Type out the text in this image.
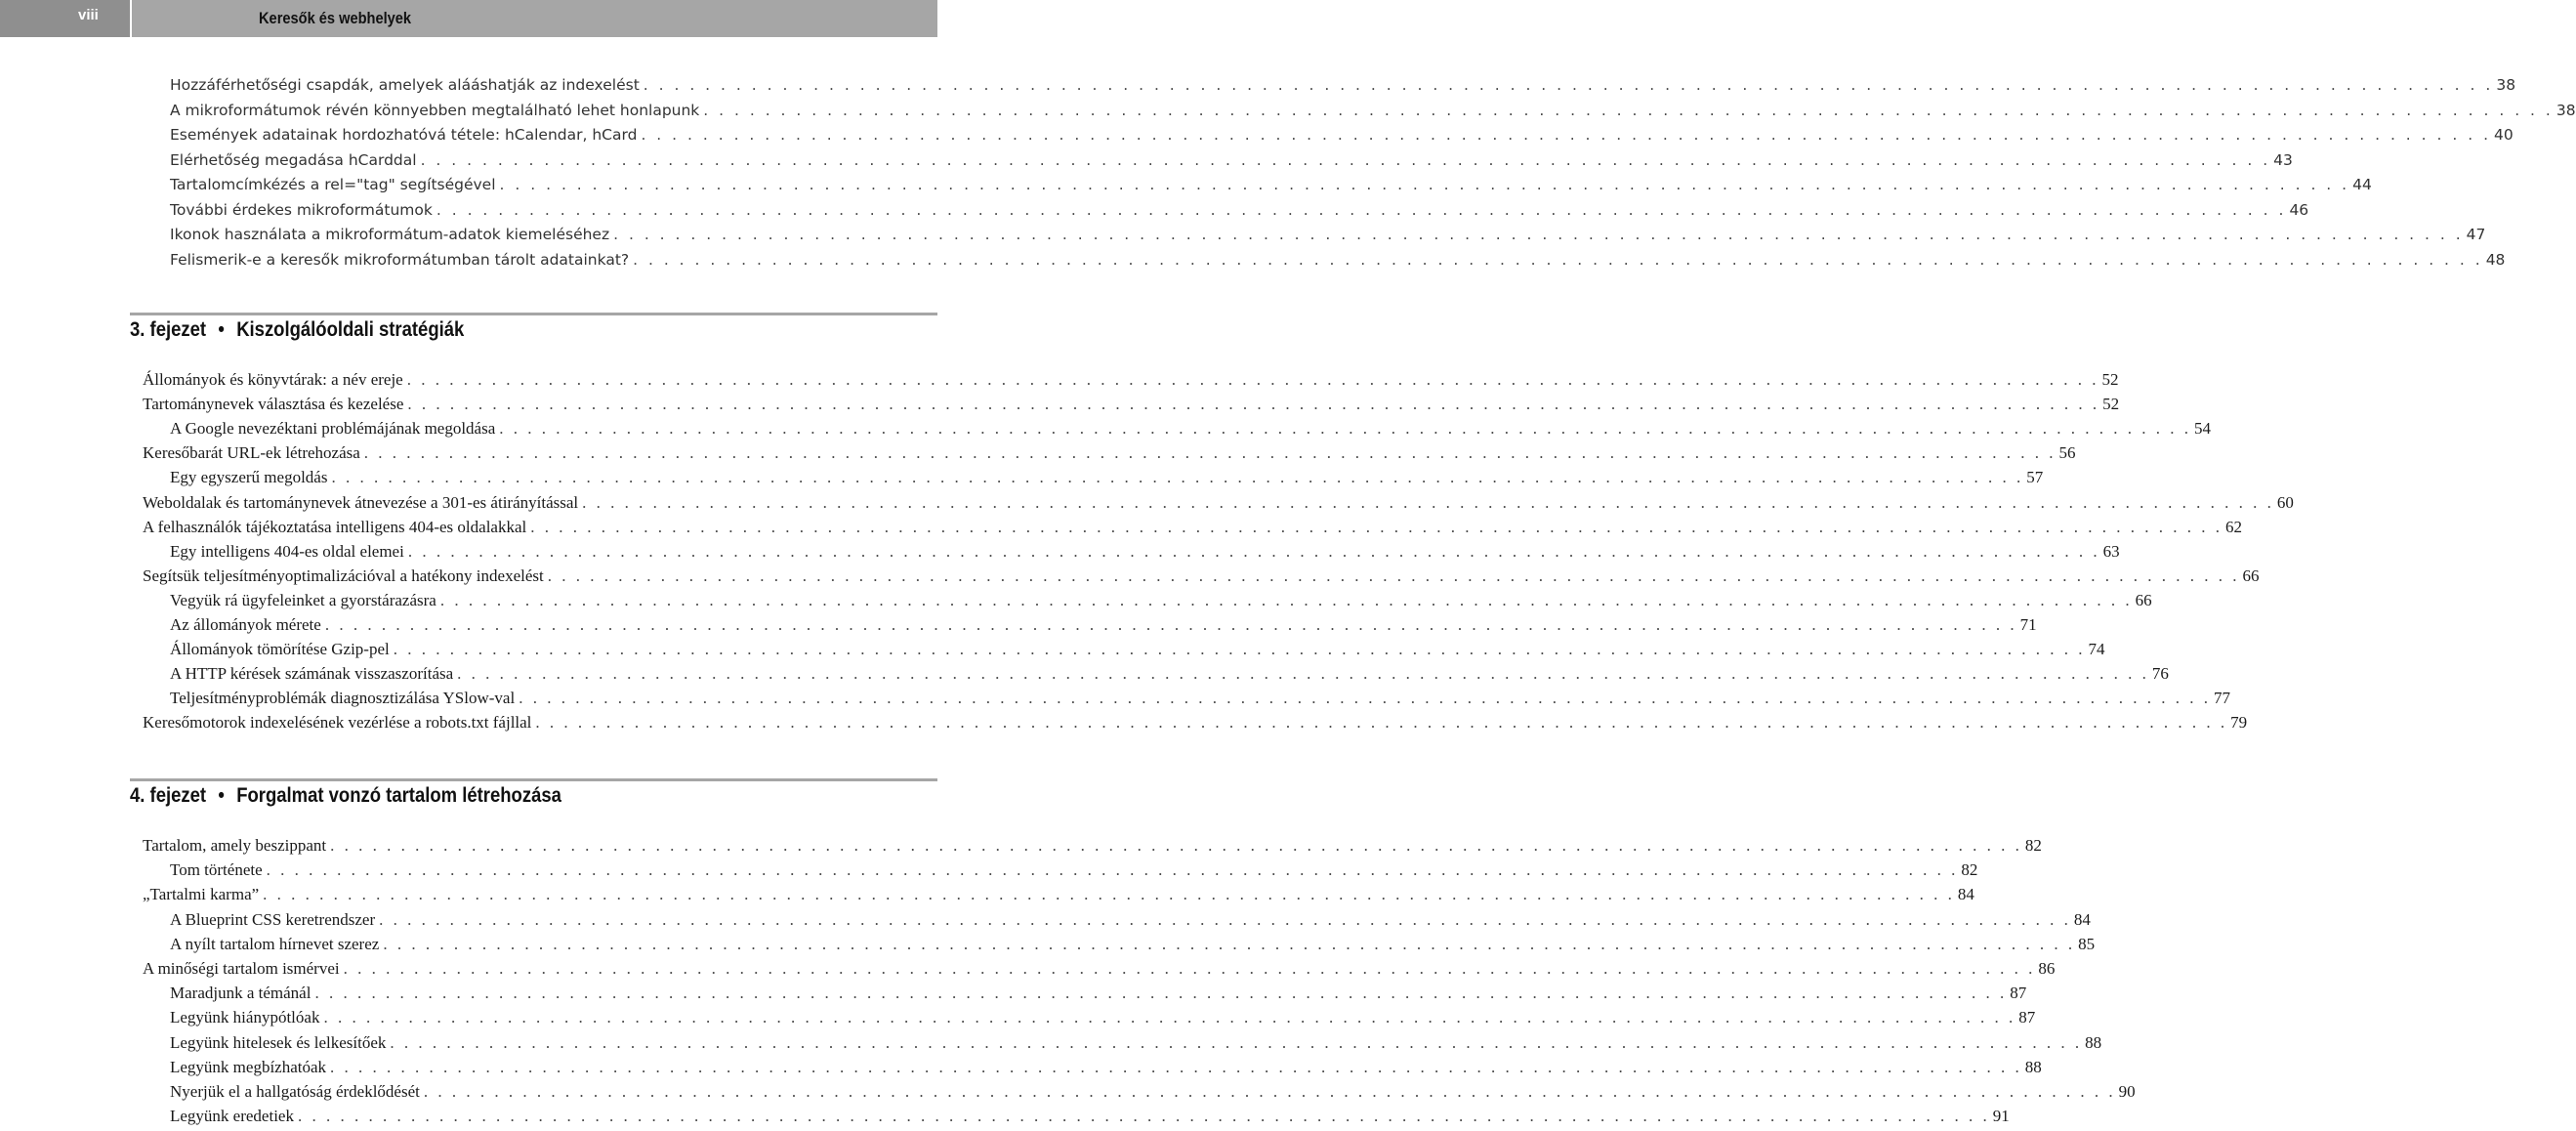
viii	Keresők és webhelyek
Hozzáférhetőségi csapdák, amelyek alááshatják az indexelést . . . . . . . . . . . . . . . . . . . . . . . . . . . . . . . . . . . . . . . . . . . . . . . . . . . . . . . . . . . . . . . . . . . . . . . . . . . . . . . . . . . . . . . . . . . . . . . . . . . . . . . . . . . . . . . . . . . . . . . . 38
A mikroformátumok révén könnyebben megtalálható lehet honlapunk . . . . . . . . . . . . . . . . . . . . . . . . . . . . . . . . . . . . . . . . . . . . . . . . . . . . . . . . . . . . . . . . . . . . . . . . . . . . . . . . . . . . . . . . . . . . . . . . . . . . . . . . . . . . . . . . . . . . . . . . 38
Események adatainak hordozhatóvá tétele: hCalendar, hCard . . . . . . . . . . . . . . . . . . . . . . . . . . . . . . . . . . . . . . . . . . . . . . . . . . . . . . . . . . . . . . . . . . . . . . . . . . . . . . . . . . . . . . . . . . . . . . . . . . . . . . . . . . . . . . . . . . . . . . . . 40
Elérhetőség megadása hCarddal . . . . . . . . . . . . . . . . . . . . . . . . . . . . . . . . . . . . . . . . . . . . . . . . . . . . . . . . . . . . . . . . . . . . . . . . . . . . . . . . . . . . . . . . . . . . . . . . . . . . . . . . . . . . . . . . . . . . . . . . 43
Tartalomcímkézés a rel="tag" segítségével . . . . . . . . . . . . . . . . . . . . . . . . . . . . . . . . . . . . . . . . . . . . . . . . . . . . . . . . . . . . . . . . . . . . . . . . . . . . . . . . . . . . . . . . . . . . . . . . . . . . . . . . . . . . . . . . . . . . . . . . 44
További érdekes mikroformátumok . . . . . . . . . . . . . . . . . . . . . . . . . . . . . . . . . . . . . . . . . . . . . . . . . . . . . . . . . . . . . . . . . . . . . . . . . . . . . . . . . . . . . . . . . . . . . . . . . . . . . . . . . . . . . . . . . . . . . . . . 46
Ikonok használata a mikroformátum-adatok kiemeléséhez . . . . . . . . . . . . . . . . . . . . . . . . . . . . . . . . . . . . . . . . . . . . . . . . . . . . . . . . . . . . . . . . . . . . . . . . . . . . . . . . . . . . . . . . . . . . . . . . . . . . . . . . . . . . . . . . . . . . . . . . 47
Felismerik-e a keresők mikroformátumban tárolt adatainkat? . . . . . . . . . . . . . . . . . . . . . . . . . . . . . . . . . . . . . . . . . . . . . . . . . . . . . . . . . . . . . . . . . . . . . . . . . . . . . . . . . . . . . . . . . . . . . . . . . . . . . . . . . . . . . . . . . . . . . . . . 48
3. fejezet • Kiszolgálóoldali stratégiák
Állományok és könyvtárak: a név ereje . . . . . . . . . . . . . . . . . . . . . . . . . . . . . . . . . . . . . . . . . . . . . . . . . . . . . . . . . . . . . . . . . . . . . . . . . . . . . . . . . . . . . . . . . . . . . . . . . . . . . . . . . . . . . . . . . . . . . . . . 52
Tartománynevek választása és kezelése . . . . . . . . . . . . . . . . . . . . . . . . . . . . . . . . . . . . . . . . . . . . . . . . . . . . . . . . . . . . . . . . . . . . . . . . . . . . . . . . . . . . . . . . . . . . . . . . . . . . . . . . . . . . . . . . . . . . . . . . 52
A Google nevezéktani problémájának megoldása . . . . . . . . . . . . . . . . . . . . . . . . . . . . . . . . . . . . . . . . . . . . . . . . . . . . . . . . . . . . . . . . . . . . . . . . . . . . . . . . . . . . . . . . . . . . . . . . . . . . . . . . . . . . . . . . . . . . . . . . 54
Keresőbarát URL-ek létrehozása . . . . . . . . . . . . . . . . . . . . . . . . . . . . . . . . . . . . . . . . . . . . . . . . . . . . . . . . . . . . . . . . . . . . . . . . . . . . . . . . . . . . . . . . . . . . . . . . . . . . . . . . . . . . . . . . . . . . . . . . 56
Egy egyszerű megoldás . . . . . . . . . . . . . . . . . . . . . . . . . . . . . . . . . . . . . . . . . . . . . . . . . . . . . . . . . . . . . . . . . . . . . . . . . . . . . . . . . . . . . . . . . . . . . . . . . . . . . . . . . . . . . . . . . . . . . . . . 57
Weboldalak és tartománynevek átnevezése a 301-es átirányítással . . . . . . . . . . . . . . . . . . . . . . . . . . . . . . . . . . . . . . . . . . . . . . . . . . . . . . . . . . . . . . . . . . . . . . . . . . . . . . . . . . . . . . . . . . . . . . . . . . . . . . . . . . . . . . . . . . . . . . . . 60
A felhasználók tájékoztatása intelligens 404-es oldalakkal . . . . . . . . . . . . . . . . . . . . . . . . . . . . . . . . . . . . . . . . . . . . . . . . . . . . . . . . . . . . . . . . . . . . . . . . . . . . . . . . . . . . . . . . . . . . . . . . . . . . . . . . . . . . . . . . . . . . . . . . 62
Egy intelligens 404-es oldal elemei . . . . . . . . . . . . . . . . . . . . . . . . . . . . . . . . . . . . . . . . . . . . . . . . . . . . . . . . . . . . . . . . . . . . . . . . . . . . . . . . . . . . . . . . . . . . . . . . . . . . . . . . . . . . . . . . . . . . . . . . 63
Segítsük teljesítményoptimalizációval a hatékony indexelést . . . . . . . . . . . . . . . . . . . . . . . . . . . . . . . . . . . . . . . . . . . . . . . . . . . . . . . . . . . . . . . . . . . . . . . . . . . . . . . . . . . . . . . . . . . . . . . . . . . . . . . . . . . . . . . . . . . . . . . . 66
Vegyük rá ügyfeleinket a gyorstárazásra . . . . . . . . . . . . . . . . . . . . . . . . . . . . . . . . . . . . . . . . . . . . . . . . . . . . . . . . . . . . . . . . . . . . . . . . . . . . . . . . . . . . . . . . . . . . . . . . . . . . . . . . . . . . . . . . . . . . . . . . 66
Az állományok mérete . . . . . . . . . . . . . . . . . . . . . . . . . . . . . . . . . . . . . . . . . . . . . . . . . . . . . . . . . . . . . . . . . . . . . . . . . . . . . . . . . . . . . . . . . . . . . . . . . . . . . . . . . . . . . . . . . . . . . . . . 71
Állományok tömörítése Gzip-pel . . . . . . . . . . . . . . . . . . . . . . . . . . . . . . . . . . . . . . . . . . . . . . . . . . . . . . . . . . . . . . . . . . . . . . . . . . . . . . . . . . . . . . . . . . . . . . . . . . . . . . . . . . . . . . . . . . . . . . . . 74
A HTTP kérések számának visszaszorítása . . . . . . . . . . . . . . . . . . . . . . . . . . . . . . . . . . . . . . . . . . . . . . . . . . . . . . . . . . . . . . . . . . . . . . . . . . . . . . . . . . . . . . . . . . . . . . . . . . . . . . . . . . . . . . . . . . . . . . . . 76
Teljesítményproblémák diagnosztizálása YSlow-val . . . . . . . . . . . . . . . . . . . . . . . . . . . . . . . . . . . . . . . . . . . . . . . . . . . . . . . . . . . . . . . . . . . . . . . . . . . . . . . . . . . . . . . . . . . . . . . . . . . . . . . . . . . . . . . . . . . . . . . . 77
Keresőmotorok indexelésének vezérlése a robots.txt fájllal . . . . . . . . . . . . . . . . . . . . . . . . . . . . . . . . . . . . . . . . . . . . . . . . . . . . . . . . . . . . . . . . . . . . . . . . . . . . . . . . . . . . . . . . . . . . . . . . . . . . . . . . . . . . . . . . . . . . . . . . 79
4. fejezet • Forgalmat vonzó tartalom létrehozása
Tartalom, amely beszippant . . . . . . . . . . . . . . . . . . . . . . . . . . . . . . . . . . . . . . . . . . . . . . . . . . . . . . . . . . . . . . . . . . . . . . . . . . . . . . . . . . . . . . . . . . . . . . . . . . . . . . . . . . . . . . . . . . . . . . . . 82
Tom története . . . . . . . . . . . . . . . . . . . . . . . . . . . . . . . . . . . . . . . . . . . . . . . . . . . . . . . . . . . . . . . . . . . . . . . . . . . . . . . . . . . . . . . . . . . . . . . . . . . . . . . . . . . . . . . . . . . . . . . . 82
„Tartalmi karma” . . . . . . . . . . . . . . . . . . . . . . . . . . . . . . . . . . . . . . . . . . . . . . . . . . . . . . . . . . . . . . . . . . . . . . . . . . . . . . . . . . . . . . . . . . . . . . . . . . . . . . . . . . . . . . . . . . . . . . . . 84
A Blueprint CSS keretrendszer . . . . . . . . . . . . . . . . . . . . . . . . . . . . . . . . . . . . . . . . . . . . . . . . . . . . . . . . . . . . . . . . . . . . . . . . . . . . . . . . . . . . . . . . . . . . . . . . . . . . . . . . . . . . . . . . . . . . . . . . 84
A nyílt tartalom hírnevet szerez . . . . . . . . . . . . . . . . . . . . . . . . . . . . . . . . . . . . . . . . . . . . . . . . . . . . . . . . . . . . . . . . . . . . . . . . . . . . . . . . . . . . . . . . . . . . . . . . . . . . . . . . . . . . . . . . . . . . . . . . 85
A minőségi tartalom ismérvei . . . . . . . . . . . . . . . . . . . . . . . . . . . . . . . . . . . . . . . . . . . . . . . . . . . . . . . . . . . . . . . . . . . . . . . . . . . . . . . . . . . . . . . . . . . . . . . . . . . . . . . . . . . . . . . . . . . . . . . . 86
Maradjunk a témánál . . . . . . . . . . . . . . . . . . . . . . . . . . . . . . . . . . . . . . . . . . . . . . . . . . . . . . . . . . . . . . . . . . . . . . . . . . . . . . . . . . . . . . . . . . . . . . . . . . . . . . . . . . . . . . . . . . . . . . . . 87
Legyünk hiánypótlóak . . . . . . . . . . . . . . . . . . . . . . . . . . . . . . . . . . . . . . . . . . . . . . . . . . . . . . . . . . . . . . . . . . . . . . . . . . . . . . . . . . . . . . . . . . . . . . . . . . . . . . . . . . . . . . . . . . . . . . . . 87
Legyünk hitelesek és lelkesítőek . . . . . . . . . . . . . . . . . . . . . . . . . . . . . . . . . . . . . . . . . . . . . . . . . . . . . . . . . . . . . . . . . . . . . . . . . . . . . . . . . . . . . . . . . . . . . . . . . . . . . . . . . . . . . . . . . . . . . . . . 88
Legyünk megbízhatóak . . . . . . . . . . . . . . . . . . . . . . . . . . . . . . . . . . . . . . . . . . . . . . . . . . . . . . . . . . . . . . . . . . . . . . . . . . . . . . . . . . . . . . . . . . . . . . . . . . . . . . . . . . . . . . . . . . . . . . . . 88
Nyerjük el a hallgatóság érdeklődését . . . . . . . . . . . . . . . . . . . . . . . . . . . . . . . . . . . . . . . . . . . . . . . . . . . . . . . . . . . . . . . . . . . . . . . . . . . . . . . . . . . . . . . . . . . . . . . . . . . . . . . . . . . . . . . . . . . . . . . . 90
Legyünk eredetiek . . . . . . . . . . . . . . . . . . . . . . . . . . . . . . . . . . . . . . . . . . . . . . . . . . . . . . . . . . . . . . . . . . . . . . . . . . . . . . . . . . . . . . . . . . . . . . . . . . . . . . . . . . . . . . . . . . . . . . . . 91
